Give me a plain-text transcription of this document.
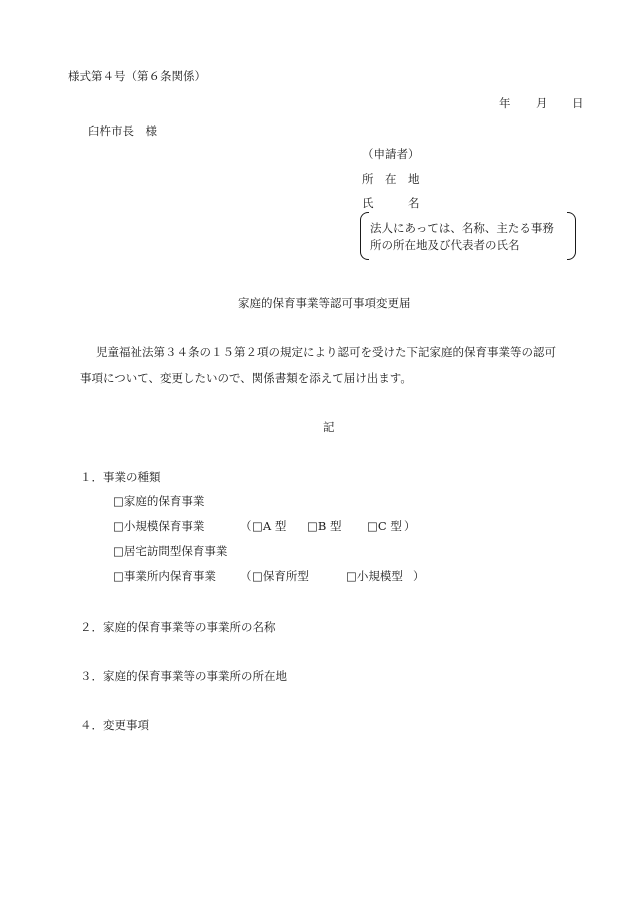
様式第４号（第６条関係）
年 月 日
臼杵市長　様
（申請者）
所　在　地
氏　　　名
法人にあっては、名称、主たる事務
所の所在地及び代表者の氏名
家庭的保育事業等認可事項変更届
児童福祉法第３４条の１５第２項の規定により認可を受けた下記家庭的保育事業等の認可
事項について、変更したいので、関係書類を添えて届け出ます。
記
１．事業の種類
□家庭的保育事業
□小規模保育事業	（ □A 型 □B 型 □C 型 ）
□居宅訪問型保育事業
□事業所内保育事業 （ □保育所型	□小規模型 ）
２．家庭的保育事業等の事業所の名称
３．家庭的保育事業等の事業所の所在地
４．変更事項
